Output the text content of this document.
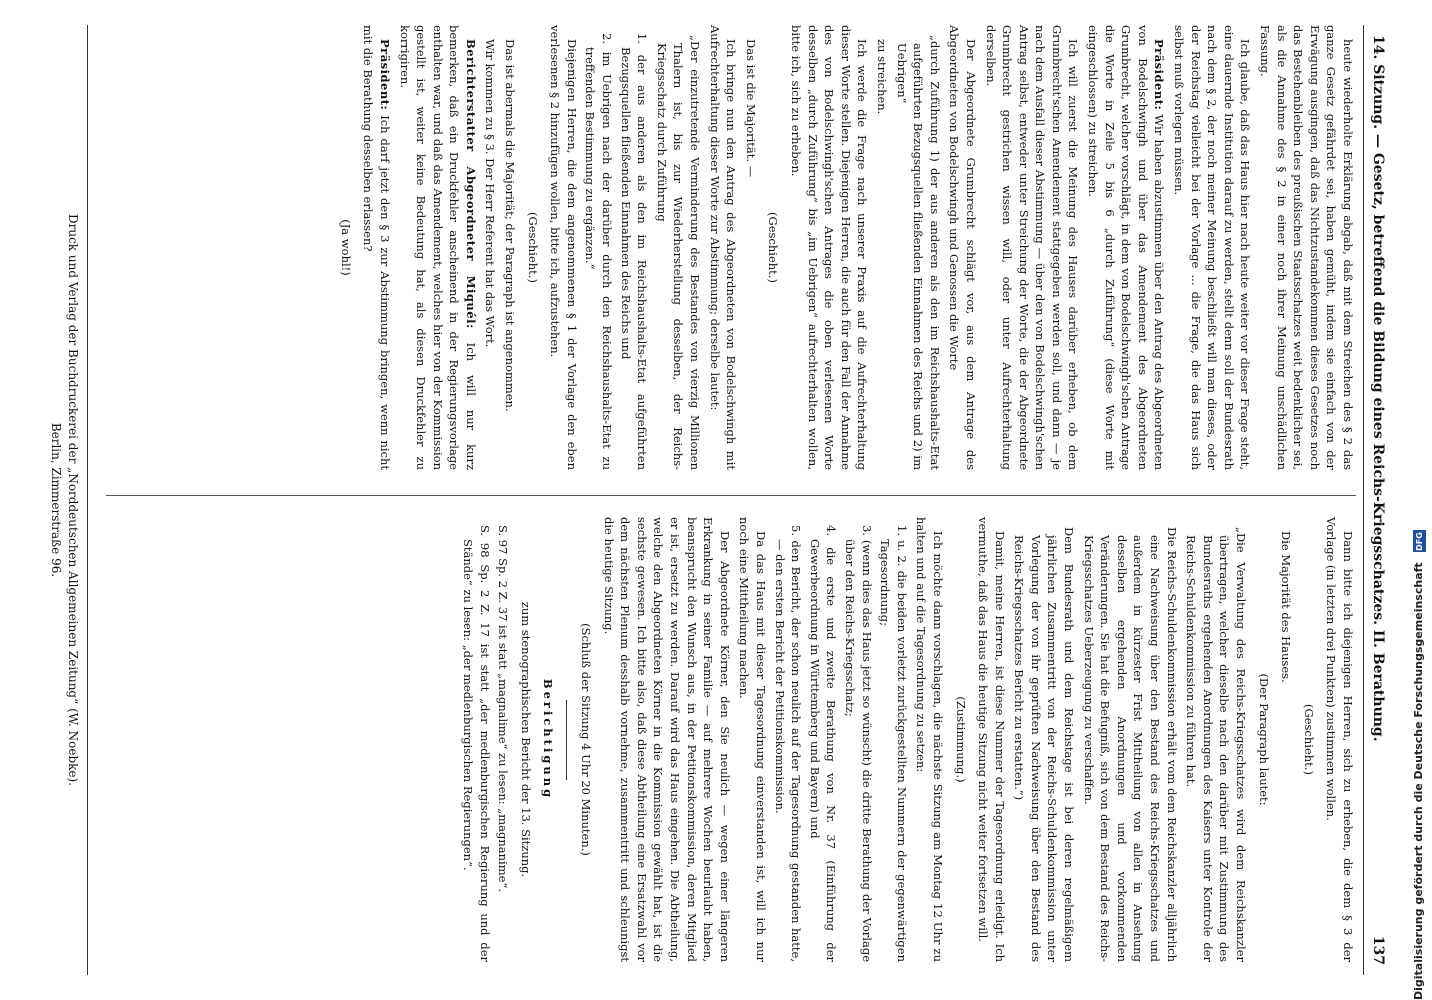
14. Sitzung. — Gesetz, betreffend die Bildung eines Reichs-Kriegsschatzes. II. Berathung.
137

heute wiederholte Erklärung abgab, daß mit dem Streichen des § 2 das ganze Gesetz gefährdet sei, haben gemüht, indem sie einfach von der Erwägung ausgingen, daß das Nichtzustandekommen dieses Gesetzes noch das Bestehenbleiben des preußischen Staatsschatzes weit bedenklicher sei, als die Annahme des § 2 in einer noch ihrer Meinung unschädlichen Fassung.

Ich glaube, daß das Haus hier nach heute weiter vor dieser Frage steht, eine dauernde Institution darauf zu werden, stellt denn soll der Bundesrath nach dem § 2, der noch meiner Meinung beschließt will man dieses, oder der Reichstag vielleicht bei der Vorlage ... die Frage, die das Haus sich selbst muß vorlegen müssen.

Präsident: Wir haben abzustimmen über den Antrag des Abgeordneten von Bodelschwingh und über das Amendement des Abgeordneten Grumbrecht, welcher vorschlägt, in dem von Bodelschwingh'schen Antrage die Worte in Zeile 5 bis 6 „durch Zuführung“ (diese Worte mit eingeschlossen) zu streichen.

Ich will zuerst die Meinung des Hauses darüber erheben, ob dem Grumbrecht'schen Amendement stattgegeben werden soll, und dann — je nach dem Ausfall dieser Abstimmung — über den von Bodelschwingh'schen Antrag selbst, entweder unter Streichung der Worte, die der Abgeordnete Grumbrecht gestrichen wissen will, oder unter Aufrechterhaltung derselben.

Der Abgeordnete Grumbrecht schlägt vor, aus dem Antrage des Abgeordneten von Bodelschwingh und Genossen die Worte

„durch Zuführung 1) der aus anderen als den im Reichshaushalts-Etat aufgeführten Bezugsquellen fließenden Einnahmen des Reichs und 2) im Uebrigen“

zu streichen.

Ich werde die Frage nach unserer Praxis auf die Aufrechterhaltung dieser Worte stellen. Diejenigen Herren, die auch für den Fall der Annahme des von Bodelschwingh'schen Antrages die oben verlesenen Worte desselben „durch Zuführung“ bis „im Uebrigen“ aufrechterhalten wollen, bitte ich, sich zu erheben.

(Geschieht.)

Das ist die Majorität. —

Ich bringe nun den Antrag des Abgeordneten von Bodelschwingh mit Aufrechterhaltung dieser Worte zur Abstimmung; derselbe lautet:

„Der einzutretende Verminderung des Bestandes von vierzig Millionen Thalern ist, bis zur Wiederherstellung desselben, der Reichs-Kriegsschatz durch Zuführung

1. der aus anderen als den im Reichshaushalts-Etat aufgeführten Bezugsquellen fließenden Einnahmen des Reichs und

2. im Uebrigen nach der darüber durch den Reichshaushalts-Etat zu treffenden Bestimmung zu ergänzen.“

Diejenigen Herren, die dem angenommenen § 1 der Vorlage den eben verlesenen § 2 hinzufügen wollen, bitte ich, aufzustehen.

(Geschieht.)

Das ist abermals die Majorität; der Paragraph ist angenommen.

Wir kommen zu § 3. Der Herr Referent hat das Wort.

Berichterstatter Abgeordneter Miquél: Ich will nur kurz bemerken, daß ein Druckfehler anscheinend in der Regierungsvorlage enthalten war, und daß das Amendement, welches hier von der Kommission gestellt ist, weiter keine Bedeutung hat, als diesen Druckfehler zu korrigiren.

Präsident: Ich darf jetzt den § 3 zur Abstimmung bringen, wenn nicht mit die Berathung desselben erlassen?

(Ja wohl!)

Dann bitte ich diejenigen Herren, sich zu erheben, die dem § 3 der Vorlage (in letzten drei Punkten) zustimmen wollen.

(Geschieht.)

Die Majorität des Hauses.

(Der Paragraph lautet:

„Die Verwaltung des Reichs-Kriegsschatzes wird dem Reichskanzler übertragen, welcher dieselbe nach den darüber mit Zustimmung des Bundesraths ergehenden Anordnungen des Kaisers unter Kontrole der Reichs-Schuldenkommission zu führen hat.

Die Reichs-Schuldenkommission erhält vom dem Reichskanzler alljährlich eine Nachweisung über den Bestand des Reichs-Kriegsschatzes und außerdem in kürzester Frist Mittheilung von allen in Ansehung desselben ergehenden Anordnungen und vorkommenden Veränderungen. Sie hat die Befugniß, sich von dem Bestand des Reichs-Kriegsschatzes Ueberzeugung zu verschaffen.

Dem Bundesrath und dem Reichstage ist bei deren regelmäßigem jährlichen Zusammentritt von der Reichs-Schuldenkommission unter Vorlegung der von ihr geprüften Nachweisung über den Bestand des Reichs-Kriegsschatzes Bericht zu erstatten.“)

Damit, meine Herren, ist diese Nummer der Tagesordnung erledigt. Ich vermuthe, daß das Haus die heutige Sitzung nicht weiter fortsetzen will.

(Zustimmung.)

Ich möchte dann vorschlagen, die nächste Sitzung am Montag 12 Uhr zu halten und auf die Tagesordnung zu setzen:

1. u. 2. die beiden vorletzt zurückgestellten Nummern der gegenwärtigen Tagesordnung;

3. (wenn dies das Haus jetzt so wünscht) die dritte Berathung der Vorlage über den Reichs-Kriegsschatz;

4. die erste und zweite Berathung von Nr. 37 (Einführung der Gewerbeordnung in Württemberg und Bayern) und

5. den Bericht, der schon neulich auf der Tagesordnung gestanden hatte, — den ersten Bericht der Petitionskommission.

Da das Haus mit dieser Tagesordnung einverstanden ist, will ich nur noch eine Mittheilung machen.

Der Abgeordnete Körner, den Sie neulich — wegen einer längeren Erkrankung in seiner Familie — auf mehrere Wochen beurlaubt haben, beansprucht den Wunsch aus, in der Petitionskommission, deren Mitglied er ist, ersetzt zu werden. Darauf wird das Haus eingehen. Die Abtheilung, welche den Abgeordneten Körner in die Kommission gewählt hat, ist die sechste gewesen. Ich bitte also, daß diese Abtheilung eine Ersatzwahl vor dem nächsten Plenum desshalb vornehme, zusammentritt und schleunigst die heutige Sitzung.

(Schluß der Sitzung 4 Uhr 20 Minuten.)

Berichtigung

zum stenographischen Bericht der 13. Sitzung.

S. 97 Sp. 2 Z. 37 ist statt „magnalime“ zu lesen: „magnanime“.

S. 98 Sp. 2 Z. 17 ist statt „der medlenburgischen Regierung und der Stände“ zu lesen: „der medlenburgischen Regierungen“.

Druck und Verlag der Buchdruckerei der „Norddeutschen Allgemeinen Zeitung“ (W. Noebke).
Berlin, Zimmerstraße 96.
Digitalisierung gefördert durch die Deutsche Forschungsgemeinschaft DFG
